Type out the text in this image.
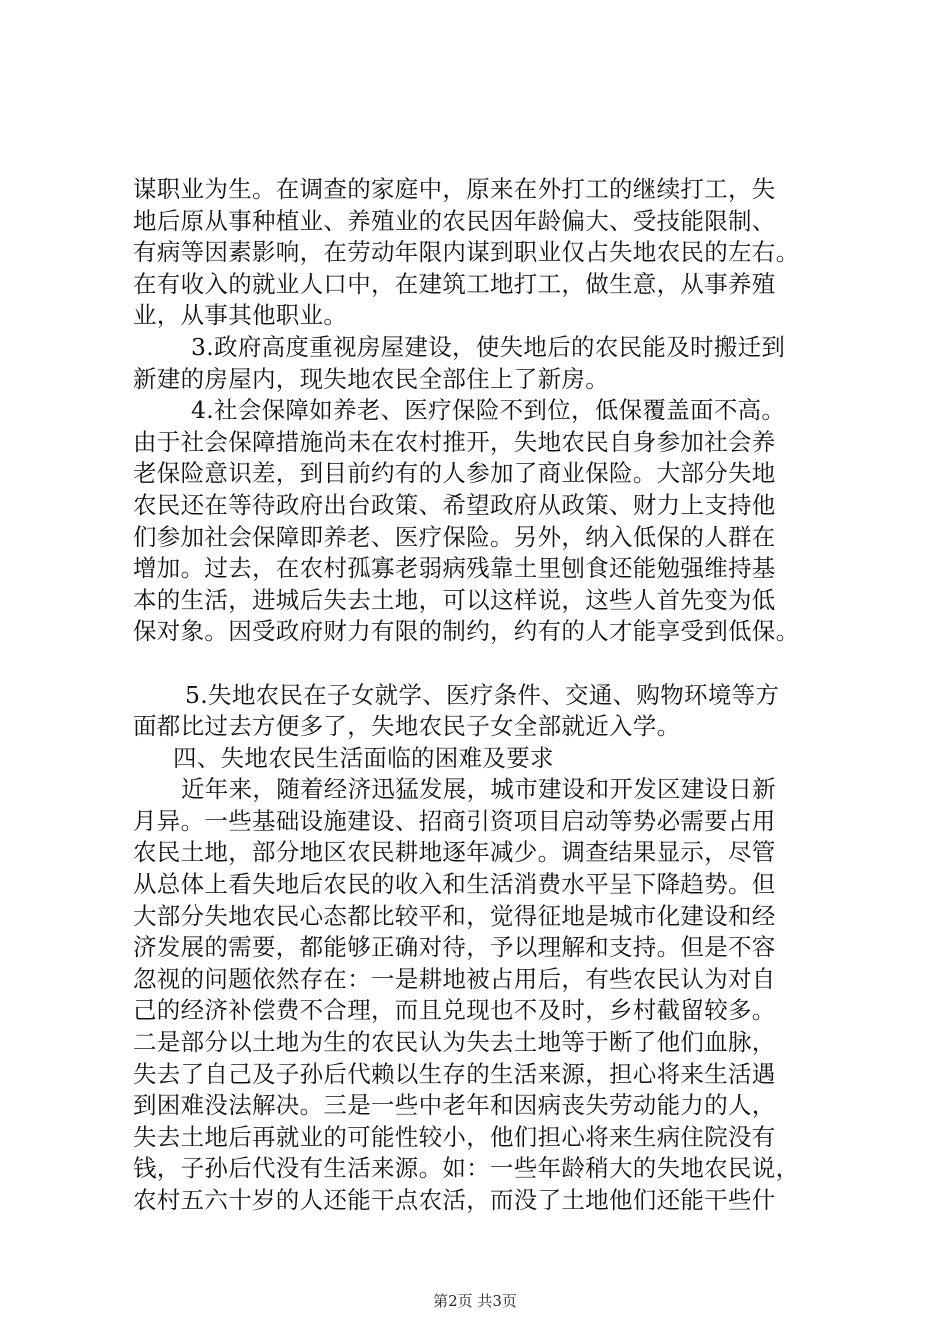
谋职业为生。在调查的家庭中，原来在外打工的继续打工，失
地后原从事种植业、养殖业的农民因年龄偏大、受技能限制、
有病等因素影响，在劳动年限内谋到职业仅占失地农民的左右。
在有收入的就业人口中，在建筑工地打工，做生意，从事养殖
业，从事其他职业。
3.政府高度重视房屋建设，使失地后的农民能及时搬迁到
新建的房屋内，现失地农民全部住上了新房。
4.社会保障如养老、医疗保险不到位，低保覆盖面不高。
由于社会保障措施尚未在农村推开，失地农民自身参加社会养
老保险意识差，到目前约有的人参加了商业保险。大部分失地
农民还在等待政府出台政策、希望政府从政策、财力上支持他
们参加社会保障即养老、医疗保险。另外，纳入低保的人群在
增加。过去，在农村孤寡老弱病残靠土里刨食还能勉强维持基
本的生活，进城后失去土地，可以这样说，这些人首先变为低
保对象。因受政府财力有限的制约，约有的人才能享受到低保。
5.失地农民在子女就学、医疗条件、交通、购物环境等方
面都比过去方便多了，失地农民子女全部就近入学。
四、失地农民生活面临的困难及要求
近年来，随着经济迅猛发展，城市建设和开发区建设日新
月异。一些基础设施建设、招商引资项目启动等势必需要占用
农民土地，部分地区农民耕地逐年减少。调查结果显示，尽管
从总体上看失地后农民的收入和生活消费水平呈下降趋势。但
大部分失地农民心态都比较平和，觉得征地是城市化建设和经
济发展的需要，都能够正确对待，予以理解和支持。但是不容
忽视的问题依然存在：一是耕地被占用后，有些农民认为对自
己的经济补偿费不合理，而且兑现也不及时，乡村截留较多。
二是部分以土地为生的农民认为失去土地等于断了他们血脉，
失去了自己及子孙后代赖以生存的生活来源，担心将来生活遇
到困难没法解决。三是一些中老年和因病丧失劳动能力的人，
失去土地后再就业的可能性较小，他们担心将来生病住院没有
钱，子孙后代没有生活来源。如：一些年龄稍大的失地农民说，
农村五六十岁的人还能干点农活，而没了土地他们还能干些什
第2页 共3页
